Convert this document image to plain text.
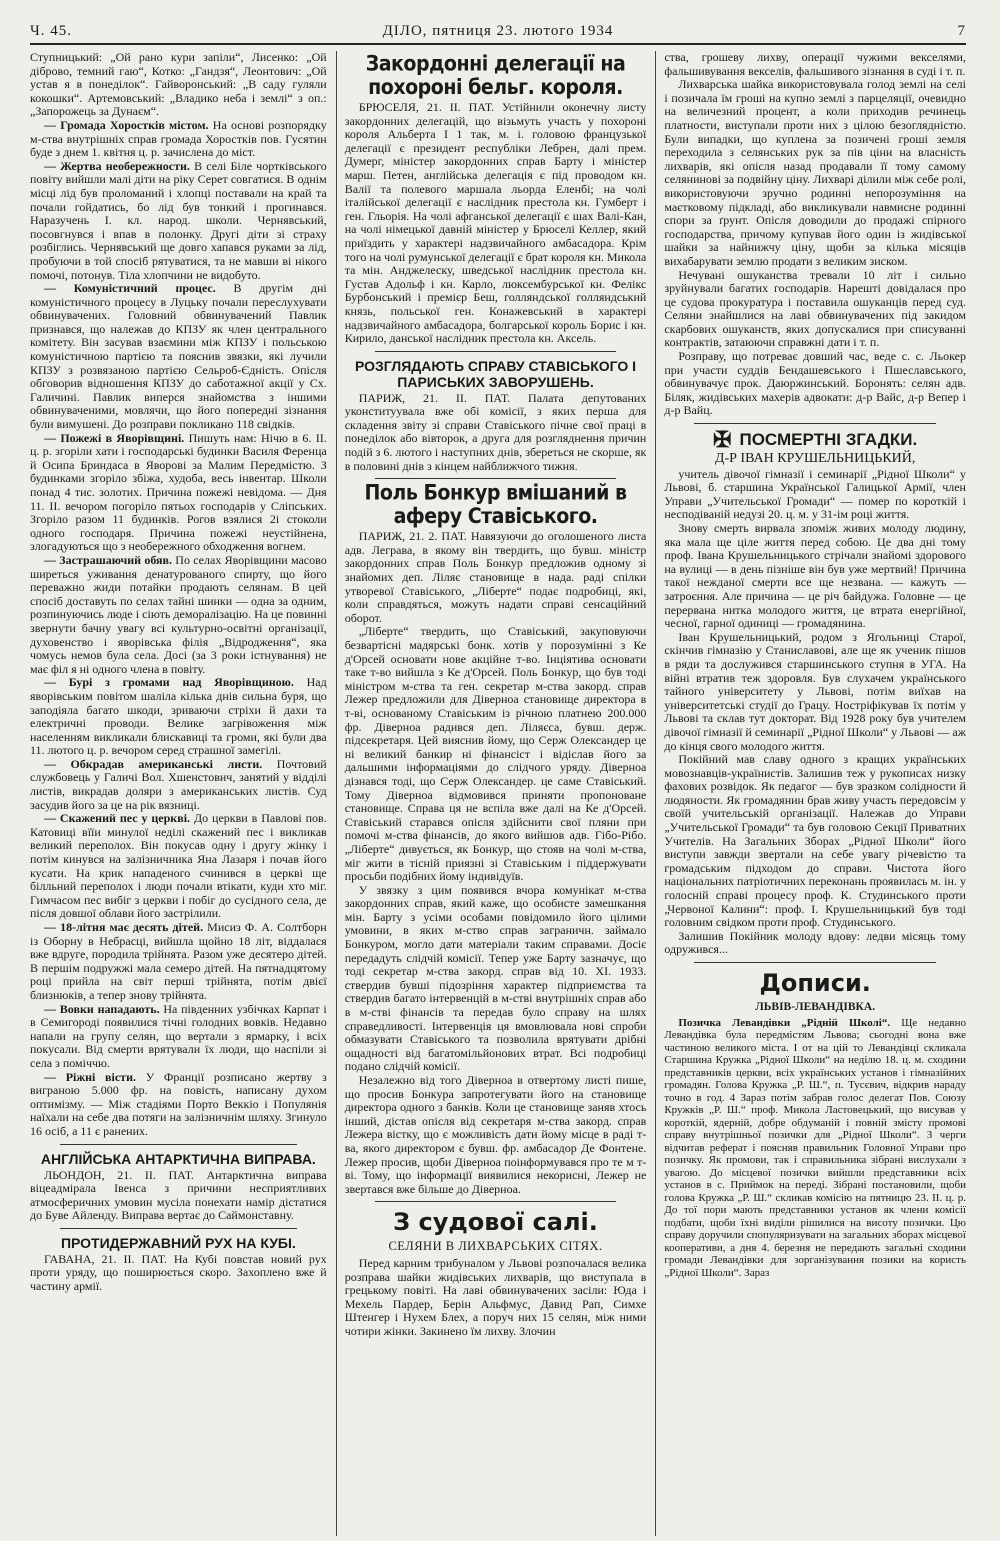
Ч. 45.	ДІЛО, пятниця 23. лютого 1934	7

Ступницький: „Ой рано кури запіли“, Лисенко: „Ой діброво, темний гаю“, Котко: „Гандзя“, Леонтович: „Ой устав я в понеділок“. Гайворонський: „В саду гуляли кокошки“. Артемовський: „Владико неба і землі“ з оп.: „Запорожець за Дунаєм“.

— Громада Хоростків містом. На основі розпорядку м-ства внутрішніх справ громада Хоростків пов. Гусятин буде з днем 1. квітня ц. р. зачислена до міст.

— Жертва необережности. В селі Біле чортківського повіту вийшли малі діти на ріку Серет совгатися. В однім місці лід був проломаний і хлопці поставали на край та почали гойдатись, бо лід був тонкий і прогинався. Наразучень І. кл. народ. школи. Чернявський, посовгнувся і впав в полонку. Другі діти зі страху розбіглись. Чернявський ще довго хапався руками за лід, пробуючи в той спосіб рятуватися, та не мавши ві нікого помочі, потонув. Тіла хлопчини не видобуто.

— Комуністичний процес. В другім дні комуністичного процесу в Луцьку почали переслухувати обвинувачених. Головний обвинувачений Павлик признався, що належав до КПЗУ як член центрального комітету. Він засував взаємини між КПЗУ і польською комуністичною партією та пояснив звязки, які лучили КПЗУ з розвязаною партією Сельроб-Єдність. Опісля обговорив відношення КПЗУ до саботажної акції у Сх. Галичині. Павлик виперся знайомства з іншими обвинуваченими, мовлячи, що його попередні зізнання були вимушені. До розправи покликано 118 свідків.

— Пожежі в Яворівщині. Пишуть нам: Нічю в 6. II. ц. р. згоріли хати і господарські будинки Василя Ференца й Осипа Бриндаса в Яворові за Малим Передмістю. З будинками згоріло збіжа, худоба, весь інвентар. Школи понад 4 тис. золотих. Причина пожежі невідома. — Дня 11. II. вечором погоріло пятьох господарів у Сліпських. Згоріло разом 11 будинків. Рогов взялися 2і стоколи одного господаря. Причина пожежі неустійнена, злогадуються що з необережного обходження вогнем.

— Застрашаючий обяв. По селах Яворівщини масово ширеться уживання денатурованого спирту, що його переважно жиди потайки продають селянам. В цей спосіб доставуть по селах тайні шинки — одна за одним, розпинуючись люде і сіють деморалізацію. На це повинні звернути бачну увагу всі культурно-освітні організації, духовенство і яворівська філія „Відродження“, яка чомусь немов була села. Досі (за 3 роки істнування) не має філ я ні одного члена в повіту.

— Бурі з громами над Яворівщиною. Над яворівським повітом шаліла кілька днів сильна буря, що заподіяла багато шкоди, зриваючи стріхи й дахи та електричні проводи. Велике загрівоження між населенням викликали блискавиці та громи, які були два 11. лютого ц. р. вечором серед страшної замегілі.

— Обкрадав американські листи. Почтовий службовець у Галичі Вол. Хшенстович, занятий у відділі листів, викрадав доляри з американських листів. Суд засудив його за це на рік вязниці.

— Скажений пес у церкві. До церкви в Павлові пов. Катовиці вїїи минулої неділі скажений пес і викликав великий переполох. Він покусав одну і другу жінку і потім кинувся на залізничника Яна Лазаря і почав його кусати. На крик нападеного счинився в церкві ще білльний переполох і люди почали втікати, куди хто міг. Гимчасом пес вибіг з церкви і побіг до сусідного села, де після довшої облави його застрілили.

— 18-літня має десять дітей. Мисиз Ф. А. Солтборн із Оборну в Небрасці, вийшла щойно 18 літ, віддалася вже вдруге, породила трійнята. Разом уже десятеро дітей. В першім подружжі мала семеро дітей. На пятнадцятому році прийла на світ перші трійнята, потім двієї близнюків, а тепер знову трійнята.

— Вовки нападають. На південних узбічках Карпат і в Семигороді появилися тічні голодних вовків. Недавно напали на групу селян, що вертали з ярмарку, і всіх покусали. Від смерти врятували їх люди, що наспіли зі села з поміччю.

— Ріжні вісти. У Франції розписано жертву з виграною 5.000 фр. на повість, написану духом оптимізму. — Між стадіями Порто Веккіо і Популянія наїхали на себе два потяги на залізничнім шляху. Згинуло 16 осіб, а 11 є ранених.

АНГЛІЙСЬКА АНТАРКТИЧНА ВИПРАВА.

ЛЬОНДОН, 21. II. ПАТ. Антарктична виправа віцеадмірала Івенса з причини несприятливих атмосферичних умовин мусіла понехати намір дістатися до Буве Айленду. Виправа вертає до Саймонставну.

ПРОТИДЕРЖАВНИЙ РУХ НА КУБІ.

ГАВАНА, 21. II. ПАТ. На Кубі повстав новий рух проти уряду, що поширюється скоро. Захоплено вже й частину армії.

Закордонні делегації на похороні бельг. короля.

БРЮСЕЛЯ, 21. II. ПАТ. Устійнили оконечну листу закордонних делегацій, що візьмуть участь у похороні короля Альберта I 1 так, м. і. головою французької делегації є президент республіки Лебрен, далі прем. Думерг, міністер закордонних справ Барту і міністер марш. Петен, англійська делегація є під проводом кн. Валії та полевого маршала льорда Еленбі; на чолі італійської делегації є наслідник престола кн. Гумберт і ген. Гльорія. На чолі афганської делегації є шах Валі-Кан, на чолі німецької давній міністер у Брюселі Келлер, який приїздить у характері надзвичайного амбасадора. Крім того на чолі румунської делегації є брат короля кн. Микола та мін. Анджелеску, шведської наслідник престола кн. Густав Адольф і кн. Карло, люксембурської кн. Фелікс Бурбонський і премієр Беш, голляндської голляндський князь, польської ген. Конажевський в характері надзвичайного амбасадора, болгарської король Борис і кн. Кирило, данської наслідник престола кн. Аксель.

РОЗГЛЯДАЮТЬ СПРАВУ СТАВІСЬКОГО І ПАРИСЬКИХ ЗАВОРУШЕНЬ.

ПАРИЖ, 21. II. ПАТ. Палата депутованих уконституувала вже обі комісії, з яких перша для складення звіту зі справи Ставіського пічне свої праці в понеділок або вівторок, а друга для розгляднення причин подій з 6. лютого і наступних днів, збереться не скорше, як в половині днів з кінцем найближчого тижня.

Поль Бонкур вмішаний в аферу Ставіського.

ПАРИЖ, 21. 2. ПАТ. Навязуючи до оголошеного листа адв. Леграва, в якому він твердить, що бувш. міністр закордонних справ Поль Бонкур предложив одному зі знайомих деп. Ліляє становище в нада. раді спілки утворевої Ставіського, „Ліберте“ подає подробиці, які, коли справдяться, можуть надати справі сенсаційний оборот.

„Ліберте“ твердить, що Ставіський, закуповуючи безвартісні мадярські бонк. хотів у порозумінні з Ке д'Орсей основати нове акційне т-во. Інціятива основати таке т-во вийшла з Ке д'Орсей. Поль Бонкур, що був тоді міністром м-ства та ген. секретар м-ства закорд. справ Лежер предложили для Діверноа становище директора в т-ві, основаному Ставіським із річною платнею 200.000 фр. Діверноа радився деп. Ліляєса, бувш. держ. підсекретаря. Цей вияснив йому, що Серж Олександер це ні великий банкир ні фінансіст і відіслав його за дальшими інформаціями до слідчого уряду. Діверноа дізнався тоді, що Серж Олександер. це саме Ставіський. Тому Діверноа відмовився приняти пропоноване становище. Справа ця не вспіла вже далі на Ке д'Орсей. Ставіський старався опісля здійснити свої пляни при помочі м-ства фінансів, до якого вийшов адв. Гібо-Рібо. „Ліберте“ дивується, як Бонкур, що стояв на чолі м-ства, міг жити в тісній приязні зі Ставіським і піддержувати просьби подібних йому індивідуїв.

У звязку з цим появився вчора комунікат м-ства закордонних справ, який каже, що особисте замешкання мін. Барту з усіми особами повідомило його цілими умовини, в яких м-ство справ заграничн. займало Бонкуром, могло дати матеріали таким справами. Досіє передадуть слідчій комісії. Тепер уже Барту зазначує, що тоді секретар м-ства закорд. справ від 10. XI. 1933. ствердив бувші підозріння характер підприємства та ствердив багато інтервенцій в м-стві внутрішніх справ або в м-стві фінансів та передав було справу на шлях справедливості. Інтервенція ця вмовлювала нові спроби обмазувати Ставіського та позволила врятувати дрібні ощадності від багатомільйонових втрат. Всі подробиці подано слідчій комісії.

Незалежно від того Діверноа в отвертому листі пише, що просив Бонкура запротегувати його на становище директора одного з банків. Коли це становище заняв хтось інший, дістав опісля від секретаря м-ства закорд. справ Лежера вістку, що є можливість дати йому місце в раді т-ва, якого директором є бувш. фр. амбасадор Де Фонтене. Лежер просив, щоби Діверноа поінформувався про те м т-ві. Тому, що інформації виявилися некорисні, Лежер не звертався вже більше до Діверноа.

З судової салі.
СЕЛЯНИ В ЛИХВАРСЬКИХ СІТЯХ.

Перед карним трибуналом у Львові розпочалася велика розправа шайки жидівських лихварів, що виступала в грецькому повіті. На лаві обвинувачених засіли: Юда і Мехель Пардер, Берін Альфмус, Давид Рап, Симхе Штенгер і Нухем Блех, а поруч них 15 селян, між ними чотири жінки. Закинено їм лихву. Злочин

ства, грошеву лихву, операції чужими векселями, фальшивування векселів, фальшивого зізнання в суді і т. п.

Лихварська шайка використовувала голод землі на селі і позичала їм гроші на купно землі з парцеляції, очевидно на величезний процент, а коли приходив речинець платности, виступали проти них з цілою безоглядністю. Були випадки, що куплена за позичені гроші земля переходила з селянських рук за пів ціни на власність лихварів, які опісля назад продавали її тому самому селянинові за подвійну ціну. Лихварі ділили між себе ролі, використовуючи зручно родинні непорозуміння на маєтковому підкладі, або викликували навмисне родинні спори за ґрунт. Опісля доводили до продажі спірного господарства, причому купував його один із жидівської шайки за найнижчу ціну, щоби за кілька місяців вихабарувати землю продати з великим зиском.

Нечувані ошуканства тревали 10 літ і сильно зруйнували багатих господарів. Нарешті довідалася про це судова прокуратура і поставила ошуканців перед суд. Селяни знайшлися на лаві обвинувачених під закидом скарбових ошуканств, яких допускалися при списуванні контрактів, затаюючи справжні дати і т. п.

Розправу, що потреває довший час, веде с. с. Льокер при участи суддів Бендашевського і Пшеславського, обвинувачує прок. Даюржинський. Боронять: селян адв. Біляк, жидівських махерів адвокати: д-р Вайс, д-р Вепер і д-р Вайц.

✠ ПОСМЕРТНІ ЗГАДКИ.
Д-Р ІВАН КРУШЕЛЬНИЦЬКИЙ,

учитель дівочої гімназії і семинарії „Рідної Школи“ у Львові, б. старшина Української Галицької Армії, член Управи „Учительської Громади“ — помер по короткій і несподіваній недузі 20. ц. м. у 31-ім році життя.

Знову смерть вирвала зпоміж живих молоду людину, яка мала ще ціле життя перед собою. Це два дні тому проф. Івана Крушельницького стрічали знайомі здорового на вулиці — в день пізніше він був уже мертвий! Причина такої нежданої смерти все ще незвана. — кажуть — затроєння. Але причина — це річ байдужа. Головне — це перервана нитка молодого життя, це втрата енергійної, чесної, гарної одиниці — громадянина.

Іван Крушельницький, родом з Ягольниці Старої, скінчив гімназію у Станиславові, але ще як ученик пішов в ряди та дослужився старшинського ступня в УГА. На війні втратив теж здоровля. Був слухачем українського тайного університету у Львові, потім виїхав на університетські студії до Грацу. Ностріфікував їх потім у Львові та склав тут докторат. Від 1928 року був учителем дівочої гімназії й семинарії „Рідної Школи“ у Львові — аж до кінця свого молодого життя.

Покійний мав славу одного з кращих українських мовознавців-українистів. Залишив теж у рукописах низку фахових розвідок. Як педагог — був зразком солідности й людяности. Як громадянин брав живу участь передовсім у своїй учительській організації. Належав до Управи „Учительської Громади“ та був головою Секції Приватних Учителів. На Загальних Зборах „Рідної Школи“ його виступи завжди звертали на себе увагу річевістю та громадським підходом до справи. Чистота його національних патріотичних переконань проявилась м. ін. у голосній справі процесу проф. К. Студинського проти „Червоної Калини“: проф. І. Крушельницький був тоді головним свідком проти проф. Студинського.

Залишив Покійник молоду вдову: ледви місяць тому одружився...

Дописи.
ЛЬВІВ-ЛЕВАНДІВКА.

Позичка Левандівки „Рідній Школі“. Ще недавно Левандівка була передмістям Львова; сьогодні вона вже частиною великого міста. І от на цій то Левандівці скликала Старшина Кружка „Рідної Школи“ на неділю 18. ц. м. сходини представників церкви, всіх українських установ і гімназійних громадян. Голова Кружка „Р. Ш.“, п. Тусєвич, відкрив нараду точно в год. 4 Зараз потім забрав голос делегат Пов. Союзу Кружків „Р. Ш.“ проф. Микола Ластовецький, що висував у короткій, ядерній, добре обдуманій і повній змісту промові справу внутрішньої позички для „Рідної Школи“. З черги відчитав реферат і поясняв правильник Головної Управи про позичку. Як промови, так і справильника зібрані вислухали з увагою. До місцевої позички вийшли представники всіх установ в с. Приймок на переді. Зібрані постановили, щоби голова Кружка „Р. Ш.“ скликав комісію на пятницю 23. II. ц. р. До тої пори мають представники установ як члени комісії подбати, щоби їхні виділи рішилися на висоту позички. Цю справу доручили спопуляризувати на загальних зборах місцевої кооперативи, а дня 4. березня не передають загальні сходини громади Левандівки для зорганізування позики на користь „Рідної Школи“. Зараз
